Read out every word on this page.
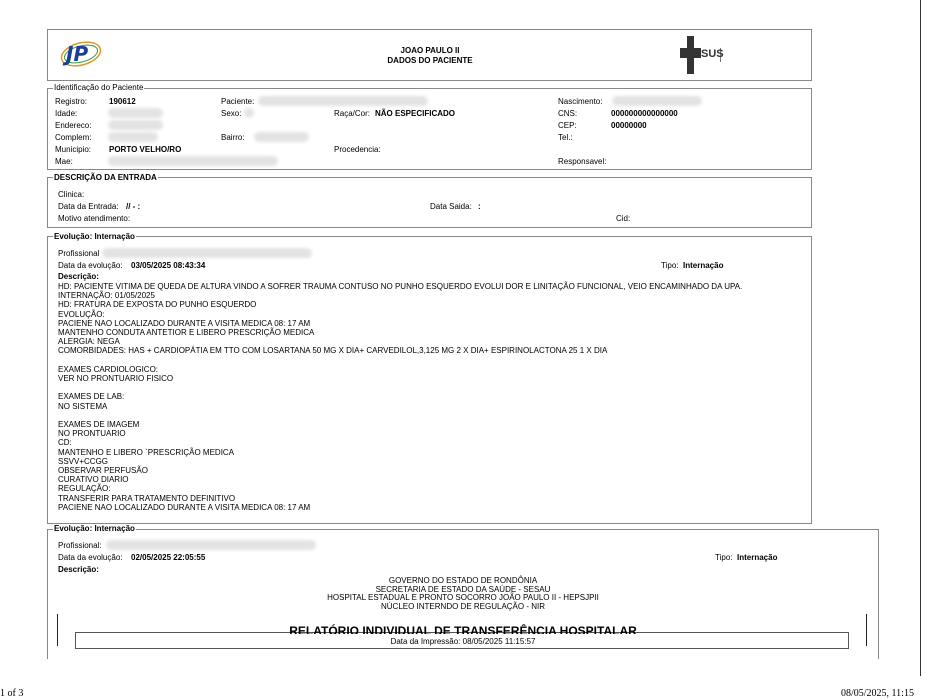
JP	JOAO PAULO II
DADOS DO PACIENTE
SUS
Identificação do Paciente
Registro:	190612	Paciente:	Nascimento:
Idade:	Sexo:	Raça/Cor: NÃO ESPECIFICADO	CNS:	000000000000000
Endereco:	CEP:	00000000
Complem:	Bairro:	Tel.:
Municipio: PORTO VELHO/RO	Procedencia:
Mae:	Responsavel:
DESCRIÇÃO DA ENTRADA
Clinica:
Data da Entrada: // - :	Data Saida: :
Motivo atendimento:	Cid:
Evolução: Internação
Profissional
Data da evolução: 03/05/2025 08:43:34	Tipo: Internação
Descrição:
HD: PACIENTE VITIMA DE QUEDA DE ALTURA VINDO A SOFRER TRAUMA CONTUSO NO PUNHO ESQUERDO EVOLUI DOR E LINITAÇÃO FUNCIONAL, VEIO ENCAMINHADO DA UPA.
INTERNAÇÃO: 01/05/2025
HD: FRATURA DE EXPOSTA DO PUNHO ESQUERDO
EVOLUÇÃO:
PACIENE NAO LOCALIZADO DURANTE A VISITA MEDICA 08: 17 AM
MANTENHO CONDUTA ANTETIOR E LIBERO PRESCRIÇÃO MEDICA
ALERGIA: NEGA
COMORBIDADES: HAS + CARDIOPÁTIA EM TTO COM LOSARTANA 50 MG X DIA+ CARVEDILOL,3,125 MG 2 X DIA+ ESPIRINOLACTONA 25 1 X DIA

EXAMES CARDIOLOGICO:
VER NO PRONTUARIO FISICO

EXAMES DE LAB:
NO SISTEMA

EXAMES DE IMAGEM
NO PRONTUARIO
CD:
MANTENHO E LIBERO `PRESCRIÇÃO MEDICA
SSVV+CCGG
OBSERVAR PERFUSÃO
CURATIVO DIARIO
REGULAÇÃO:
TRANSFERIR PARA TRATAMENTO DEFINITIVO
PACIENE NAO LOCALIZADO DURANTE A VISITA MEDICA 08: 17 AM
Evolução: Internação
Profissional:
Data da evolução: 02/05/2025 22:05:55	Tipo: Internação
Descrição:
GOVERNO DO ESTADO DE RONDÔNIA
SECRETARIA DE ESTADO DA SAÚDE - SESAU
HOSPITAL ESTADUAL E PRONTO SOCORRO JOÃO PAULO II - HEPSJPII
NÚCLEO INTERNDO DE REGULAÇÃO - NIR
RELATÓRIO INDIVIDUAL DE TRANSFERÊNCIA HOSPITALAR
Data da Impressão: 08/05/2025 11:15:57
1 of 3	08/05/2025, 11:15
